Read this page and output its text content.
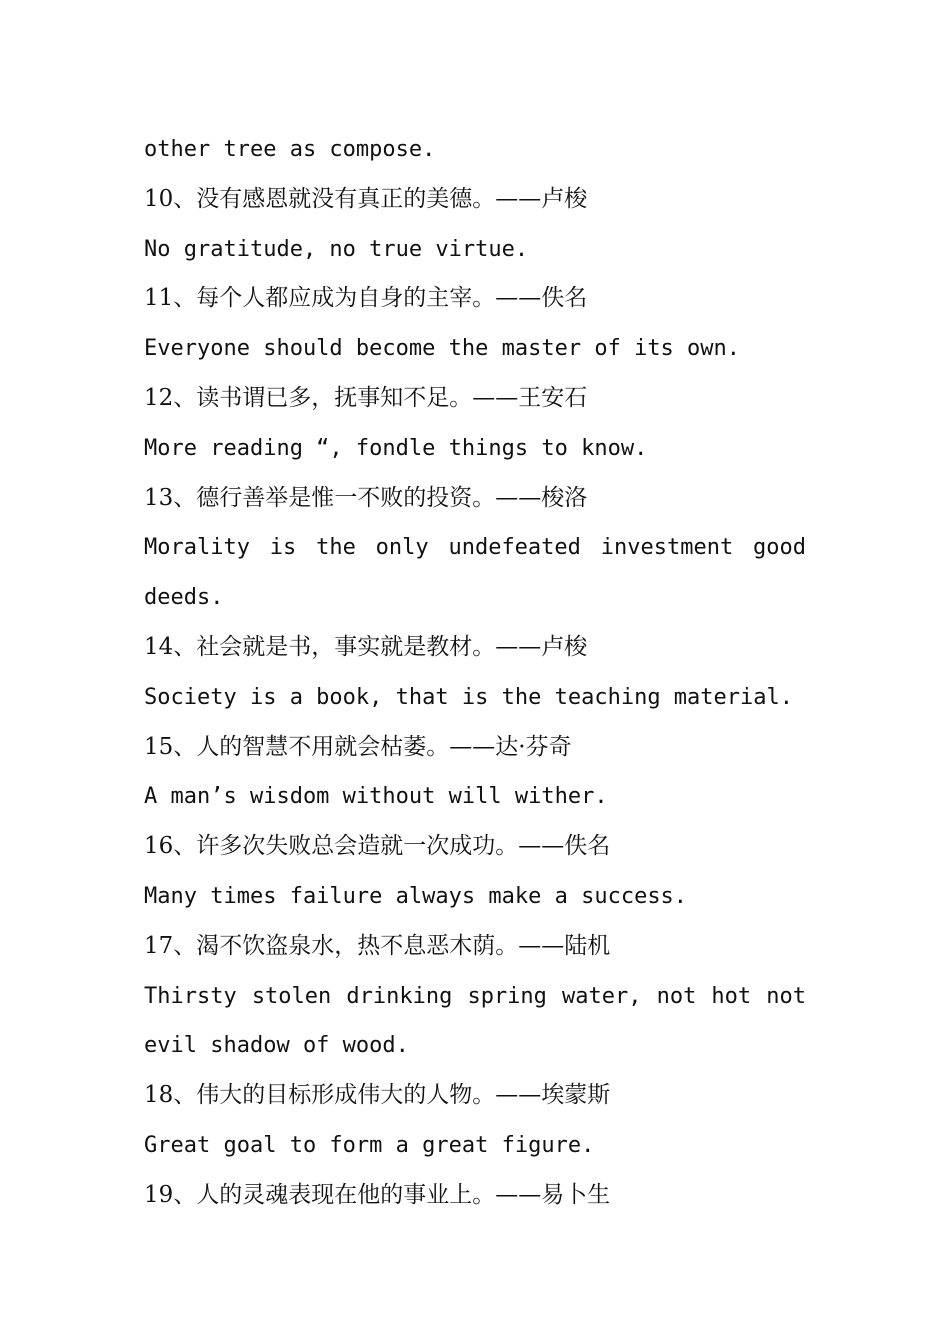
other tree as compose.
10、没有感恩就没有真正的美德。——卢梭
No gratitude, no true virtue.
11、每个人都应成为自身的主宰。——佚名
Everyone should become the master of its own.
12、读书谓已多，抚事知不足。——王安石
More reading “, fondle things to know.
13、德行善举是惟一不败的投资。——梭洛
Morality is the only undefeated investment good
deeds.
14、社会就是书，事实就是教材。——卢梭
Society is a book, that is the teaching material.
15、人的智慧不用就会枯萎。——达·芬奇
A man’s wisdom without will wither.
16、许多次失败总会造就一次成功。——佚名
Many times failure always make a success.
17、渴不饮盗泉水，热不息恶木荫。——陆机
Thirsty stolen drinking spring water, not hot not
evil shadow of wood.
18、伟大的目标形成伟大的人物。——埃蒙斯
Great goal to form a great figure.
19、人的灵魂表现在他的事业上。——易卜生
